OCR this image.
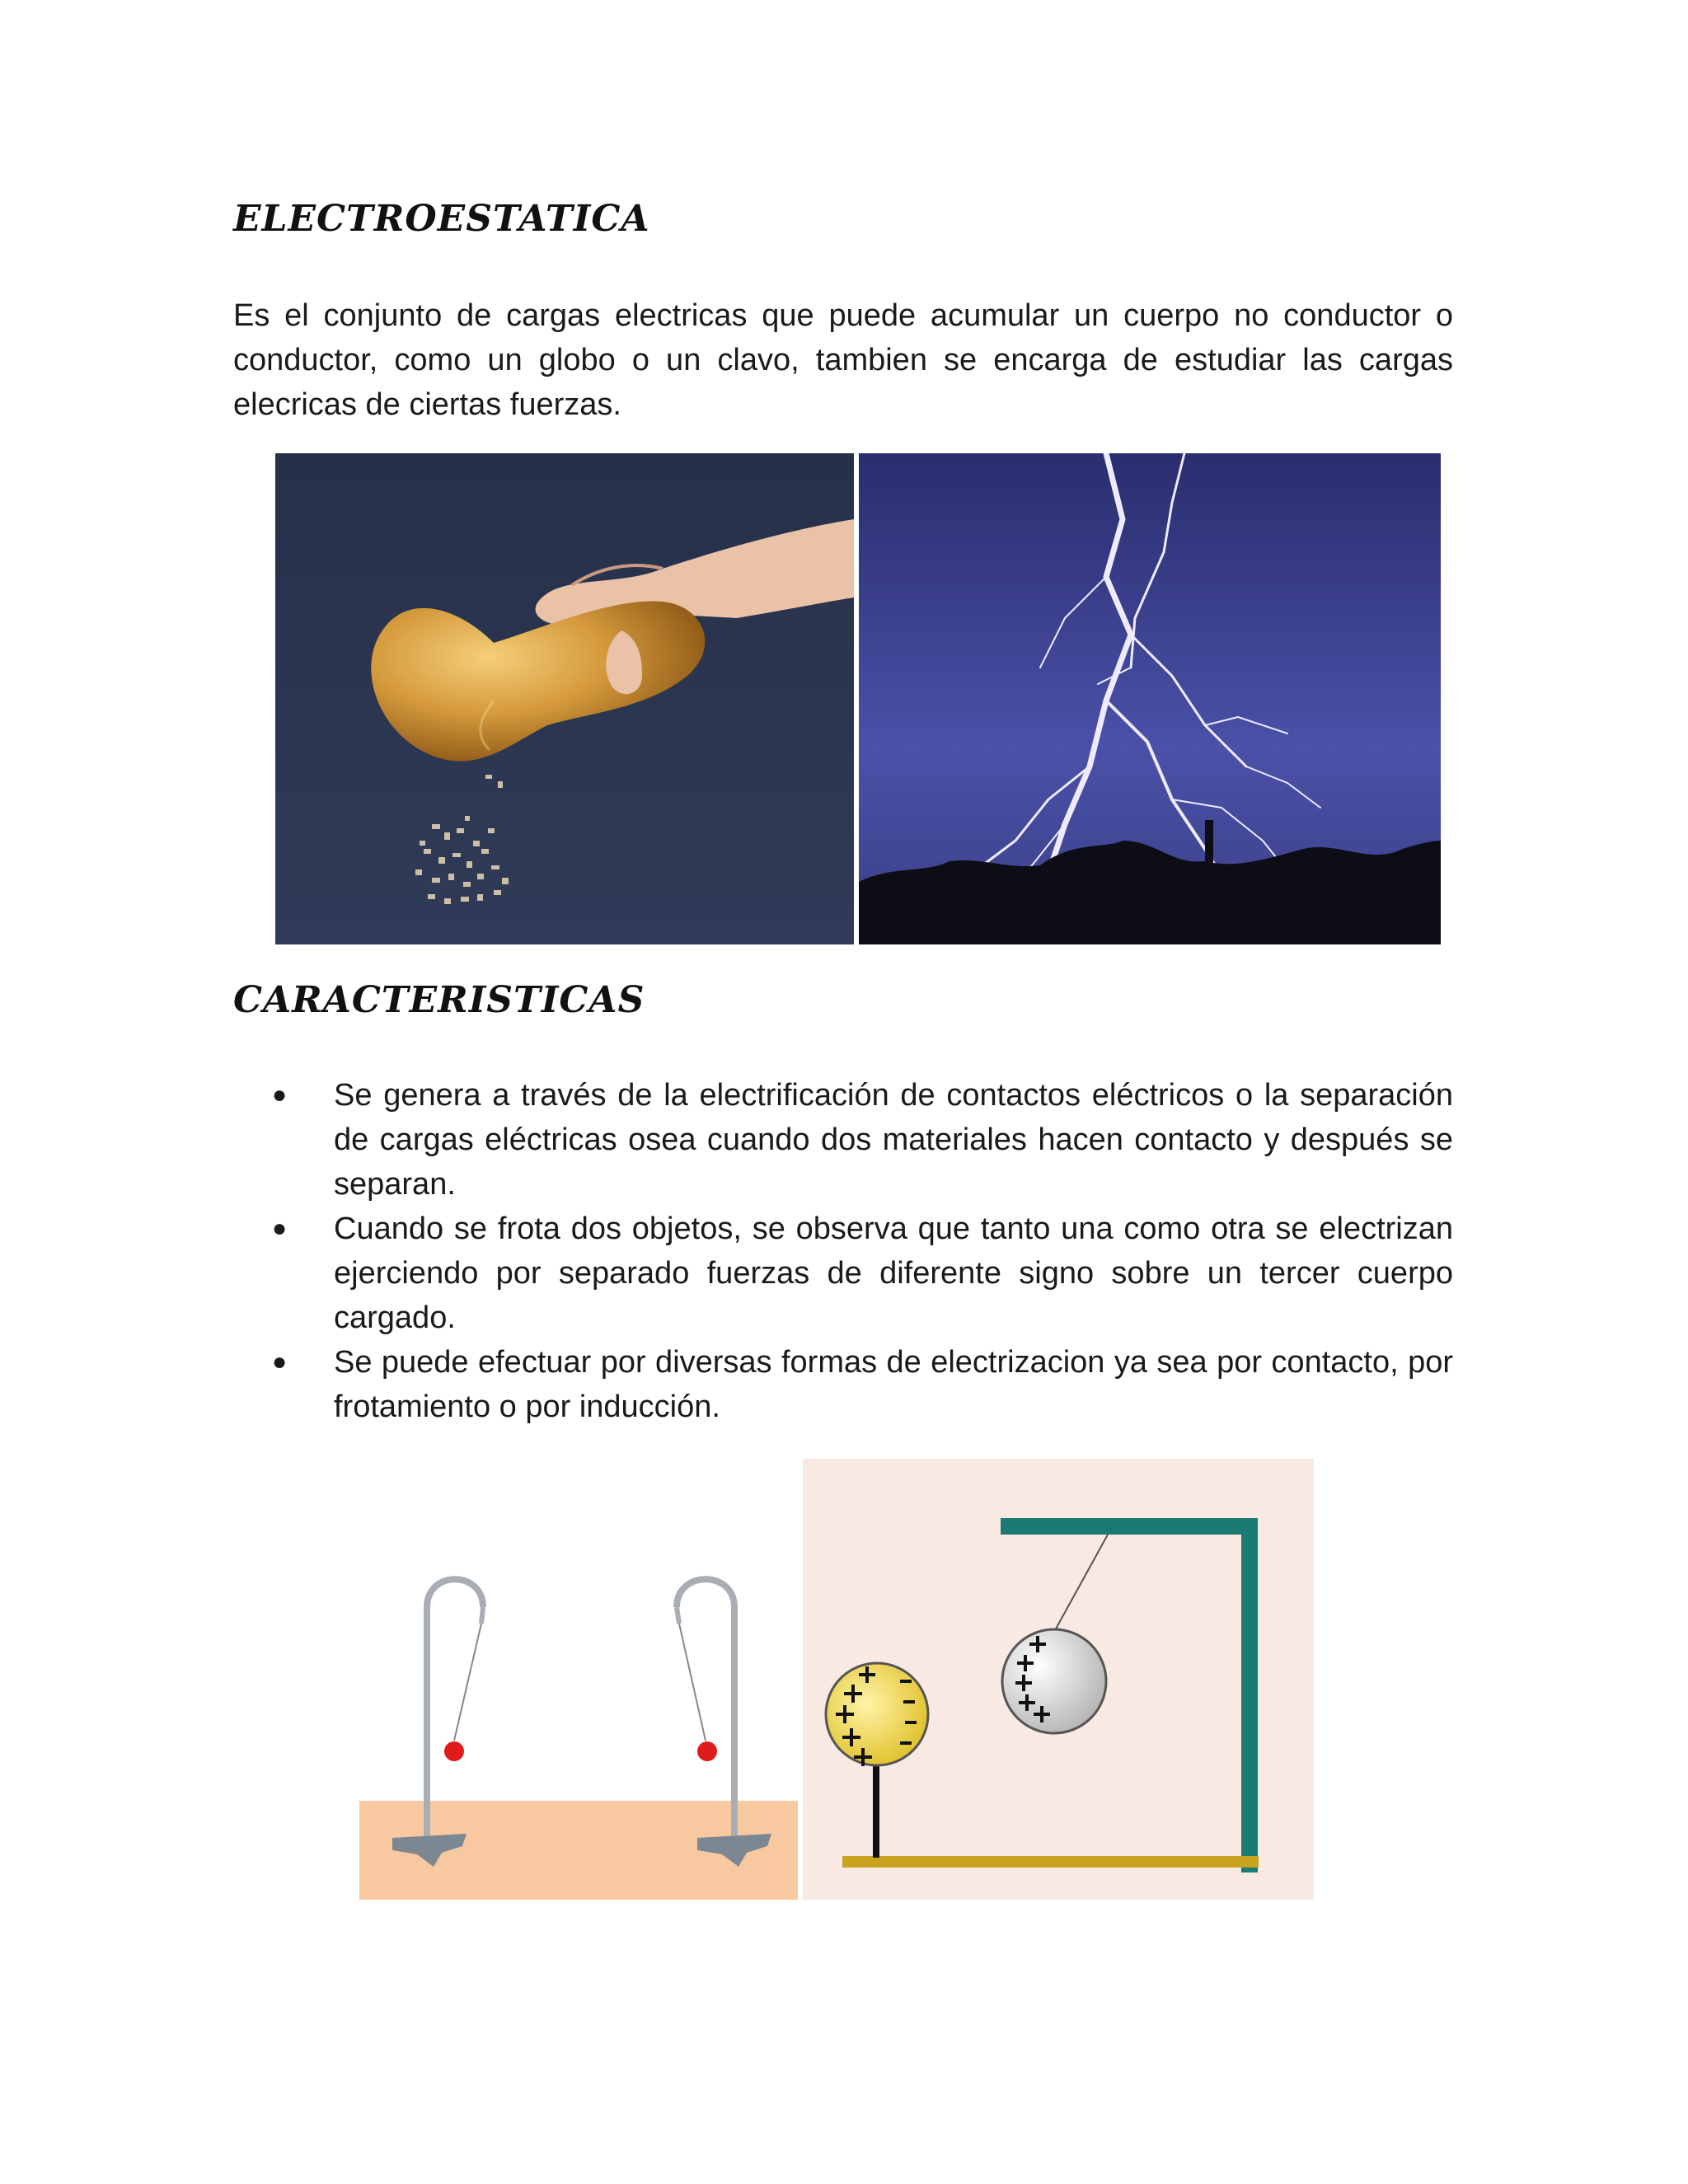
ELECTROESTATICA
Es el conjunto de cargas electricas que puede acumular un cuerpo no conductor o conductor, como un globo o un clavo, tambien se encarga de estudiar las cargas elecricas de ciertas fuerzas.
CARACTERISTICAS
●	Se genera a través de la electrificación de contactos eléctricos o la separación de cargas eléctricas osea cuando dos materiales hacen contacto y después se separan.
●	Cuando se frota dos objetos, se observa que tanto una como otra se electrizan ejerciendo por separado fuerzas de diferente signo sobre un tercer cuerpo cargado.
●	Se puede efectuar por diversas formas de electrizacion ya sea por contacto, por frotamiento o por inducción.
